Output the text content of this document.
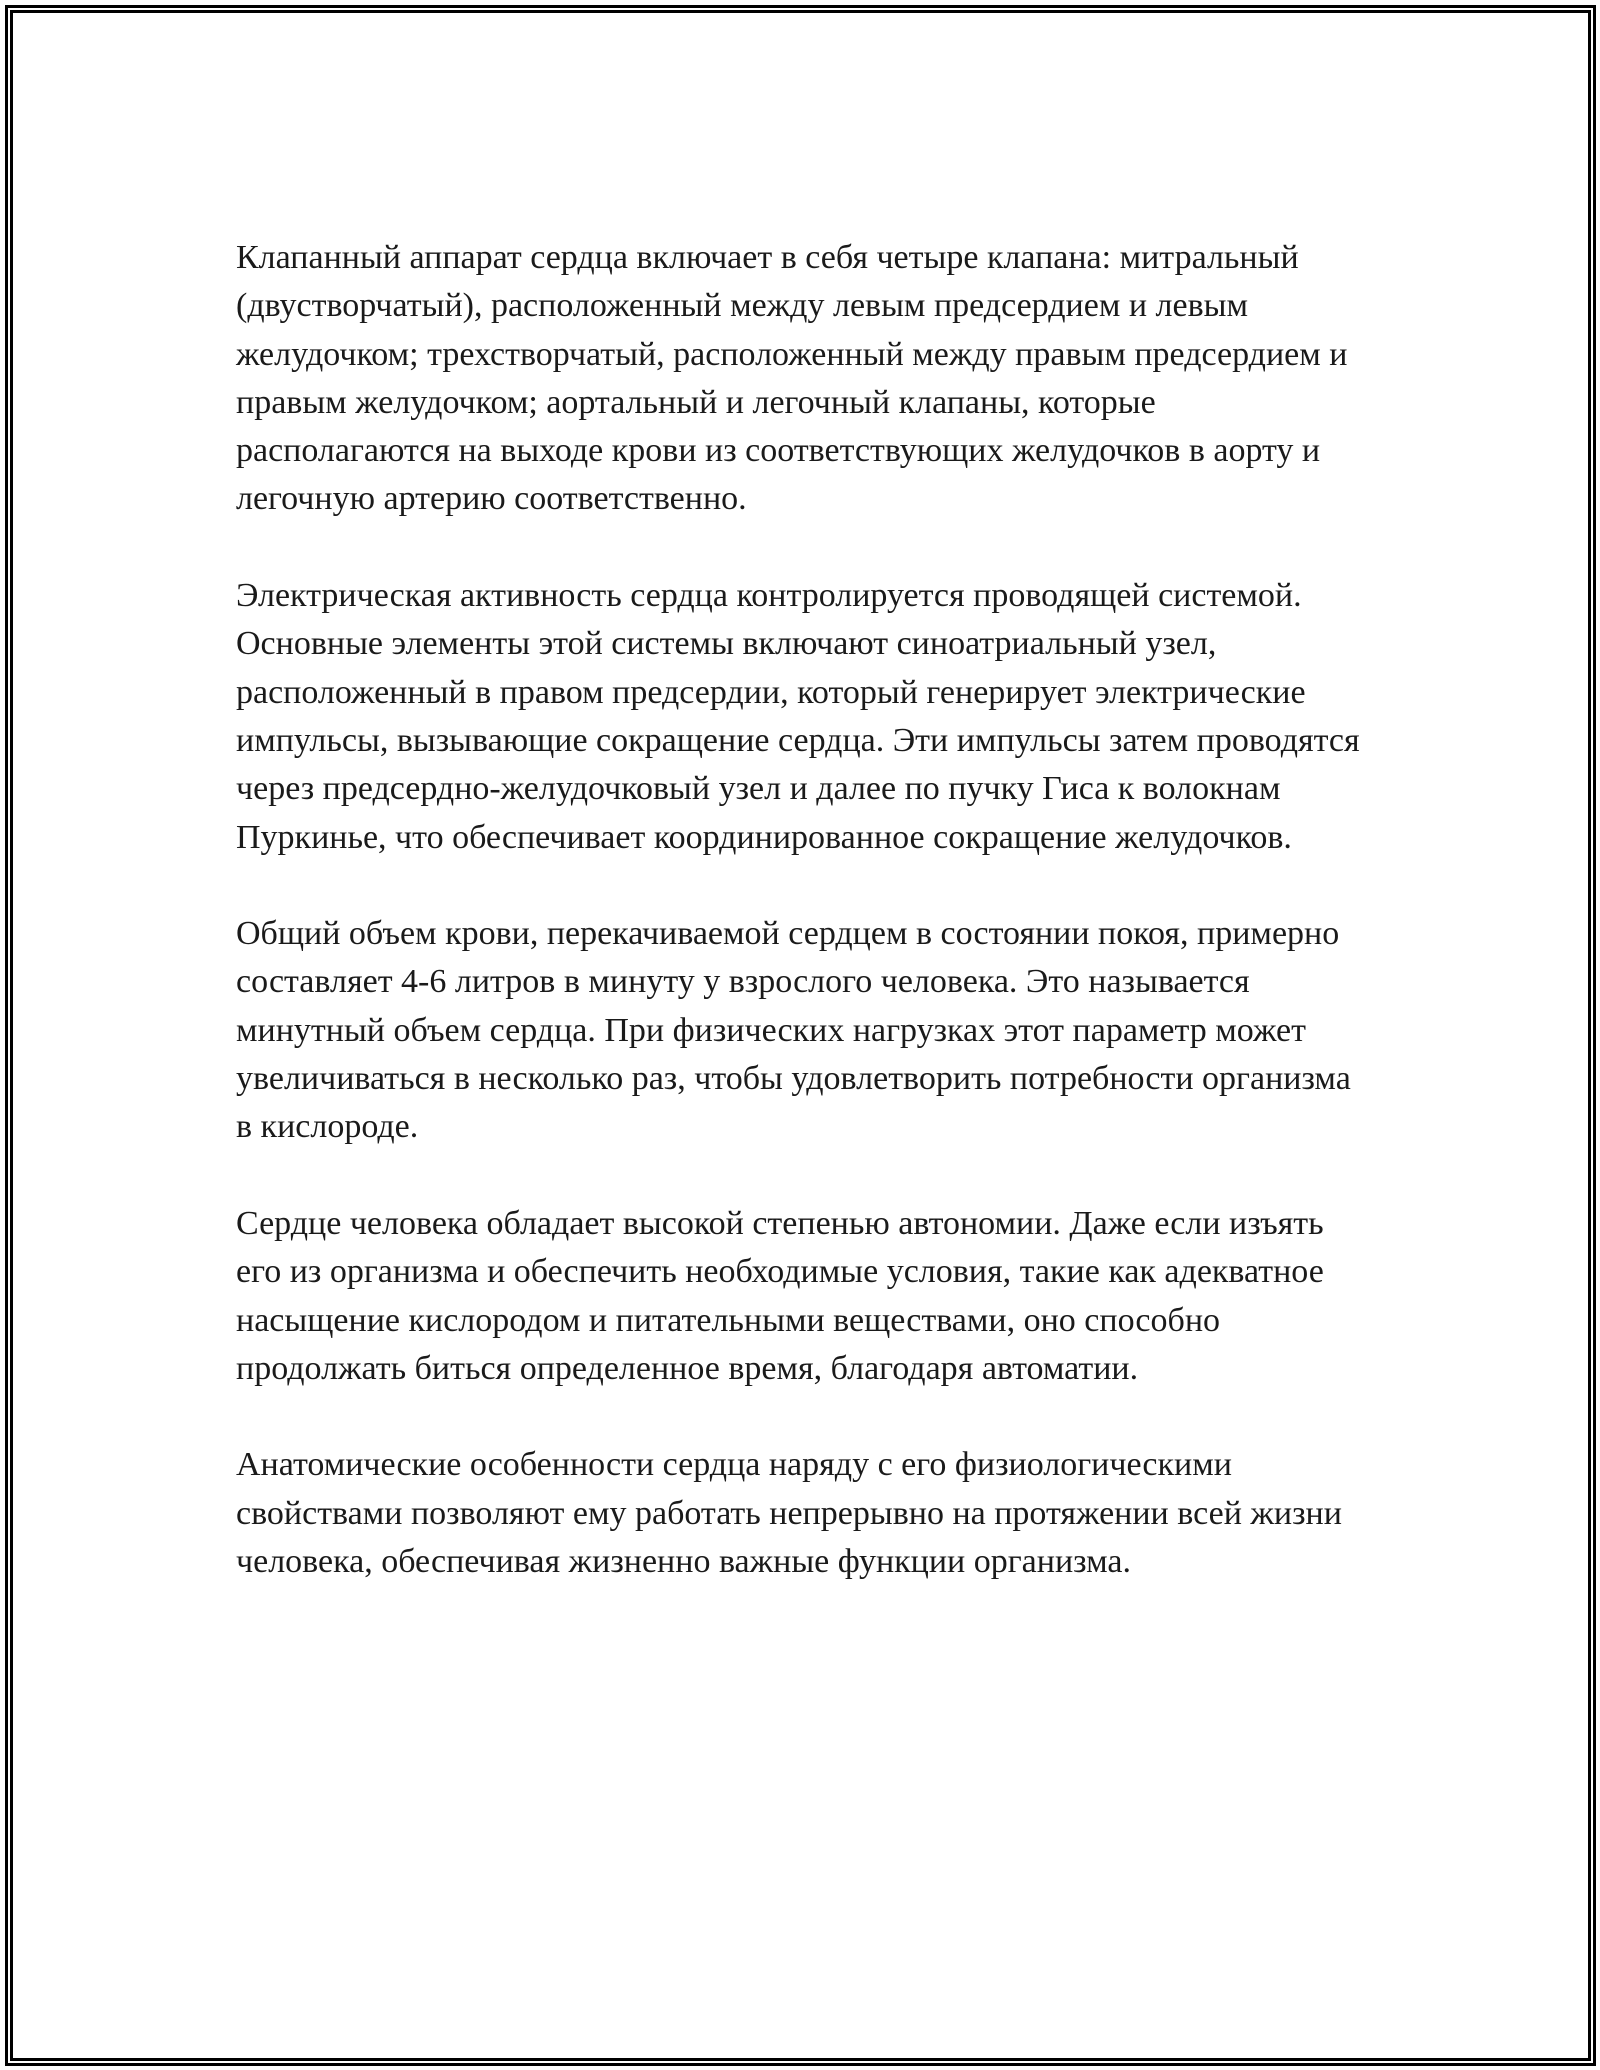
Клапанный аппарат сердца включает в себя четыре клапана: митральный (двустворчатый), расположенный между левым предсердием и левым желудочком; трехстворчатый, расположенный между правым предсердием и правым желудочком; аортальный и легочный клапаны, которые располагаются на выходе крови из соответствующих желудочков в аорту и легочную артерию соответственно.

Электрическая активность сердца контролируется проводящей системой. Основные элементы этой системы включают синоатриальный узел, расположенный в правом предсердии, который генерирует электрические импульсы, вызывающие сокращение сердца. Эти импульсы затем проводятся через предсердно-желудочковый узел и далее по пучку Гиса к волокнам Пуркинье, что обеспечивает координированное сокращение желудочков.

Общий объем крови, перекачиваемой сердцем в состоянии покоя, примерно составляет 4-6 литров в минуту у взрослого человека. Это называется минутный объем сердца. При физических нагрузках этот параметр может увеличиваться в несколько раз, чтобы удовлетворить потребности организма в кислороде.

Сердце человека обладает высокой степенью автономии. Даже если изъять его из организма и обеспечить необходимые условия, такие как адекватное насыщение кислородом и питательными веществами, оно способно продолжать биться определенное время, благодаря автоматии.

Анатомические особенности сердца наряду с его физиологическими свойствами позволяют ему работать непрерывно на протяжении всей жизни человека, обеспечивая жизненно важные функции организма.
